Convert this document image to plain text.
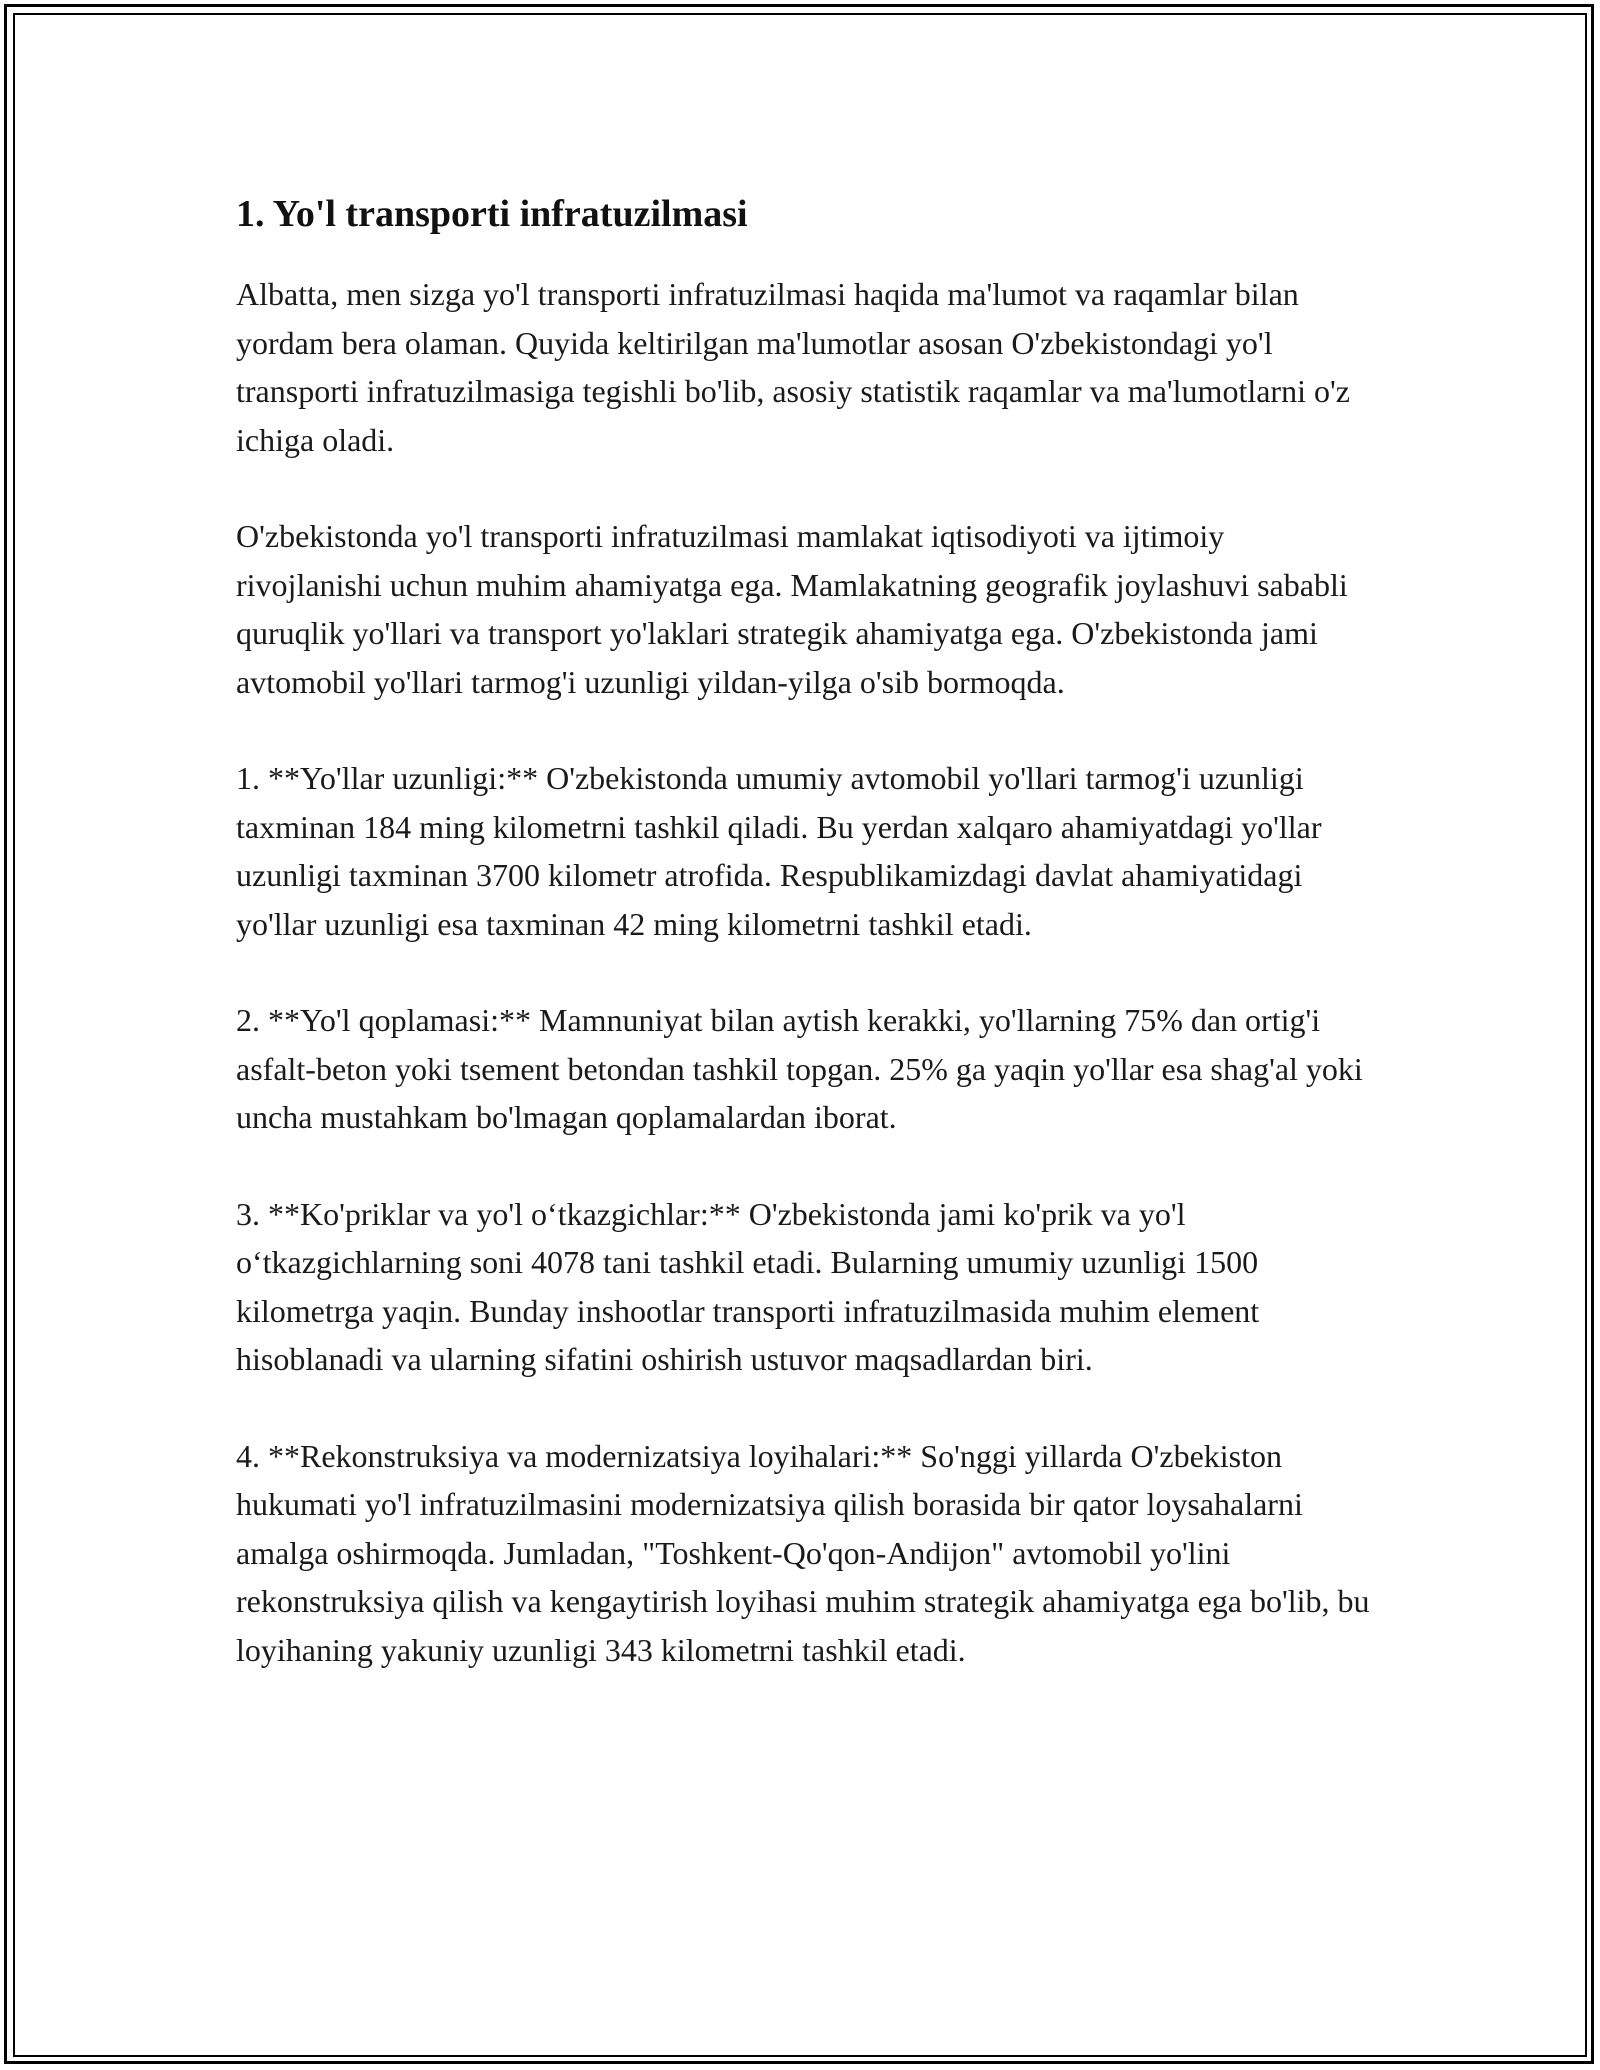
1. Yo'l transporti infratuzilmasi

Albatta, men sizga yo'l transporti infratuzilmasi haqida ma'lumot va raqamlar bilan yordam bera olaman. Quyida keltirilgan ma'lumotlar asosan O'zbekistondagi yo'l transporti infratuzilmasiga tegishli bo'lib, asosiy statistik raqamlar va ma'lumotlarni o'z ichiga oladi.

O'zbekistonda yo'l transporti infratuzilmasi mamlakat iqtisodiyoti va ijtimoiy rivojlanishi uchun muhim ahamiyatga ega. Mamlakatning geografik joylashuvi sababli quruqlik yo'llari va transport yo'laklari strategik ahamiyatga ega. O'zbekistonda jami avtomobil yo'llari tarmog'i uzunligi yildan-yilga o'sib bormoqda.

1. **Yo'llar uzunligi:** O'zbekistonda umumiy avtomobil yo'llari tarmog'i uzunligi taxminan 184 ming kilometrni tashkil qiladi. Bu yerdan xalqaro ahamiyatdagi yo'llar uzunligi taxminan 3700 kilometr atrofida. Respublikamizdagi davlat ahamiyatidagi yo'llar uzunligi esa taxminan 42 ming kilometrni tashkil etadi.

2. **Yo'l qoplamasi:** Mamnuniyat bilan aytish kerakki, yo'llarning 75% dan ortig'i asfalt-beton yoki tsement betondan tashkil topgan. 25% ga yaqin yo'llar esa shag'al yoki uncha mustahkam bo'lmagan qoplamalardan iborat.

3. **Ko'priklar va yo'l o‘tkazgichlar:** O'zbekistonda jami ko'prik va yo'l o‘tkazgichlarning soni 4078 tani tashkil etadi. Bularning umumiy uzunligi 1500 kilometrga yaqin. Bunday inshootlar transporti infratuzilmasida muhim element hisoblanadi va ularning sifatini oshirish ustuvor maqsadlardan biri.

4. **Rekonstruksiya va modernizatsiya loyihalari:** So'nggi yillarda O'zbekiston hukumati yo'l infratuzilmasini modernizatsiya qilish borasida bir qator loysahalarni amalga oshirmoqda. Jumladan, "Toshkent-Qo'qon-Andijon" avtomobil yo'lini rekonstruksiya qilish va kengaytirish loyihasi muhim strategik ahamiyatga ega bo'lib, bu loyihaning yakuniy uzunligi 343 kilometrni tashkil etadi.
